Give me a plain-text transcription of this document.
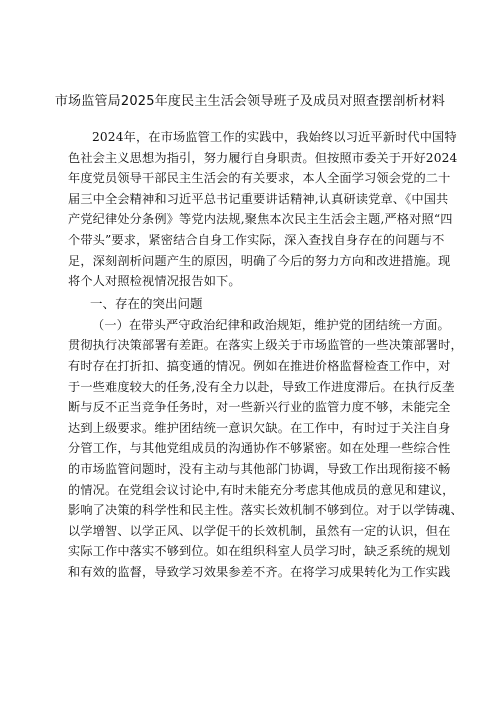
市场监管局2025年度民主生活会领导班子及成员对照查摆剖析材料
2024年，在市场监管工作的实践中，我始终以习近平新时代中国特
色社会主义思想为指引，努力履行自身职责。但按照市委关于开好2024
年度党员领导干部民主生活会的有关要求，本人全面学习领会党的二十
届三中全会精神和习近平总书记重要讲话精神,认真研读党章、《中国共
产党纪律处分条例》等党内法规,聚焦本次民主生活会主题,严格对照“四
个带头”要求，紧密结合自身工作实际，深入查找自身存在的问题与不
足，深刻剖析问题产生的原因，明确了今后的努力方向和改进措施。现
将个人对照检视情况报告如下。
一、存在的突出问题
（一）在带头严守政治纪律和政治规矩，维护党的团结统一方面。
贯彻执行决策部署有差距。在落实上级关于市场监管的一些决策部署时，
有时存在打折扣、搞变通的情况。例如在推进价格监督检查工作中，对
于一些难度较大的任务,没有全力以赴，导致工作进度滞后。在执行反垄
断与反不正当竞争任务时，对一些新兴行业的监管力度不够，未能完全
达到上级要求。维护团结统一意识欠缺。在工作中，有时过于关注自身
分管工作，与其他党组成员的沟通协作不够紧密。如在处理一些综合性
的市场监管问题时，没有主动与其他部门协调，导致工作出现衔接不畅
的情况。在党组会议讨论中,有时未能充分考虑其他成员的意见和建议，
影响了决策的科学性和民主性。落实长效机制不够到位。对于以学铸魂、
以学增智、以学正风、以学促干的长效机制，虽然有一定的认识，但在
实际工作中落实不够到位。如在组织科室人员学习时，缺乏系统的规划
和有效的监督，导致学习效果参差不齐。在将学习成果转化为工作实践
